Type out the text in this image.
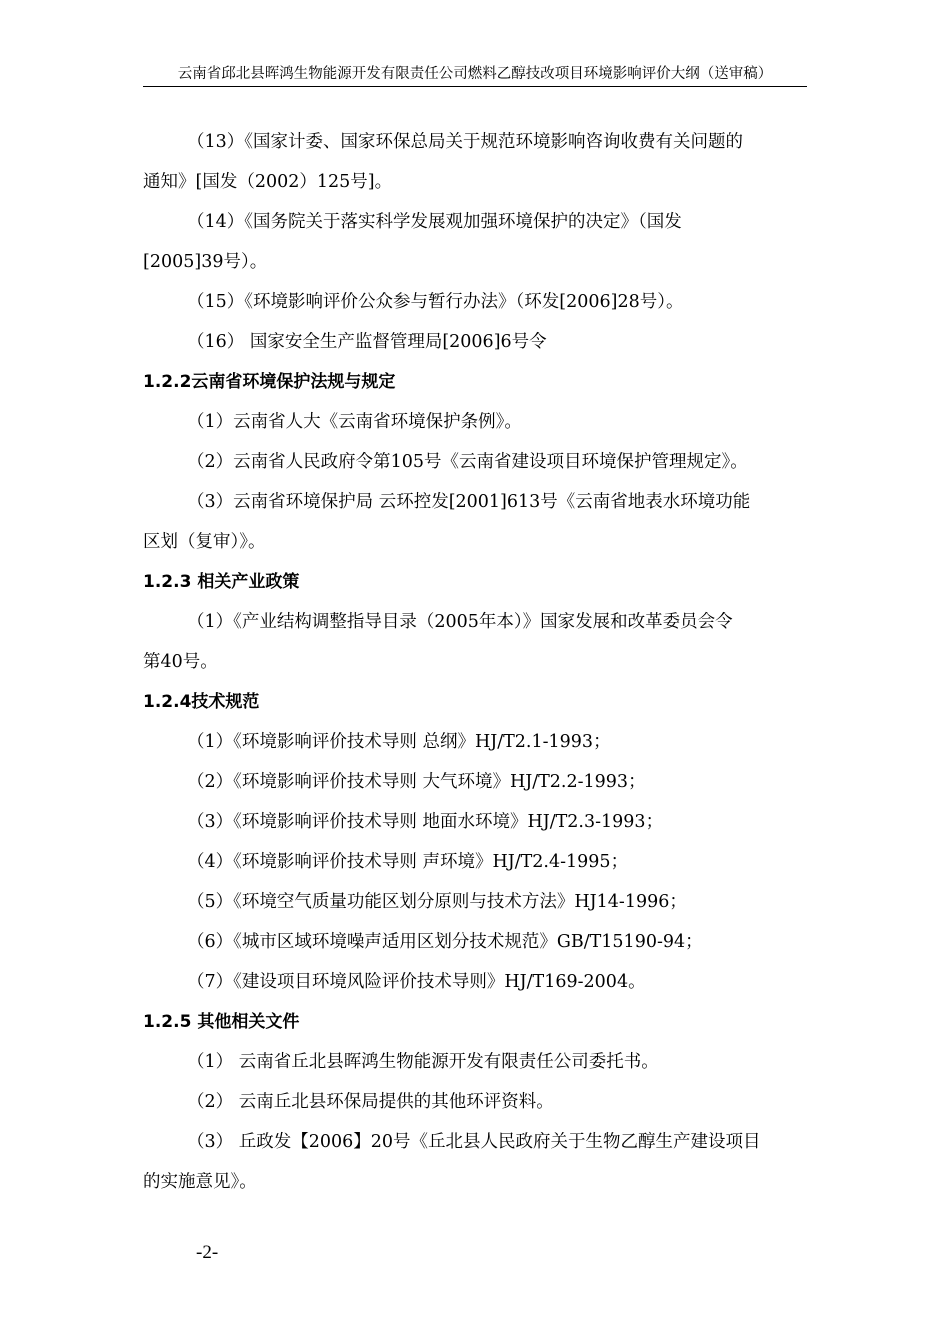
云南省邱北县晖鸿生物能源开发有限责任公司燃料乙醇技改项目环境影响评价大纲（送审稿）
（13）《国家计委、国家环保总局关于规范环境影响咨询收费有关问题的
通知》[国发（2002）125号]。
（14）《国务院关于落实科学发展观加强环境保护的决定》（国发
[2005]39号）。
（15）《环境影响评价公众参与暂行办法》（环发[2006]28号）。
（16） 国家安全生产监督管理局[2006]6号令
1.2.2云南省环境保护法规与规定
（1）云南省人大《云南省环境保护条例》。
（2）云南省人民政府令第105号《云南省建设项目环境保护管理规定》。
（3）云南省环境保护局 云环控发[2001]613号《云南省地表水环境功能
区划（复审）》。
1.2.3 相关产业政策
（1）《产业结构调整指导目录（2005年本）》国家发展和改革委员会令
第40号。
1.2.4技术规范
（1）《环境影响评价技术导则 总纲》HJ/T2.1-1993；
（2）《环境影响评价技术导则 大气环境》HJ/T2.2-1993；
（3）《环境影响评价技术导则 地面水环境》HJ/T2.3-1993；
（4）《环境影响评价技术导则 声环境》HJ/T2.4-1995；
（5）《环境空气质量功能区划分原则与技术方法》HJ14-1996；
（6）《城市区域环境噪声适用区划分技术规范》GB/T15190-94；
（7）《建设项目环境风险评价技术导则》HJ/T169-2004。
1.2.5 其他相关文件
（1） 云南省丘北县晖鸿生物能源开发有限责任公司委托书。
（2） 云南丘北县环保局提供的其他环评资料。
（3） 丘政发【2006】20号《丘北县人民政府关于生物乙醇生产建设项目
的实施意见》。
-2-
